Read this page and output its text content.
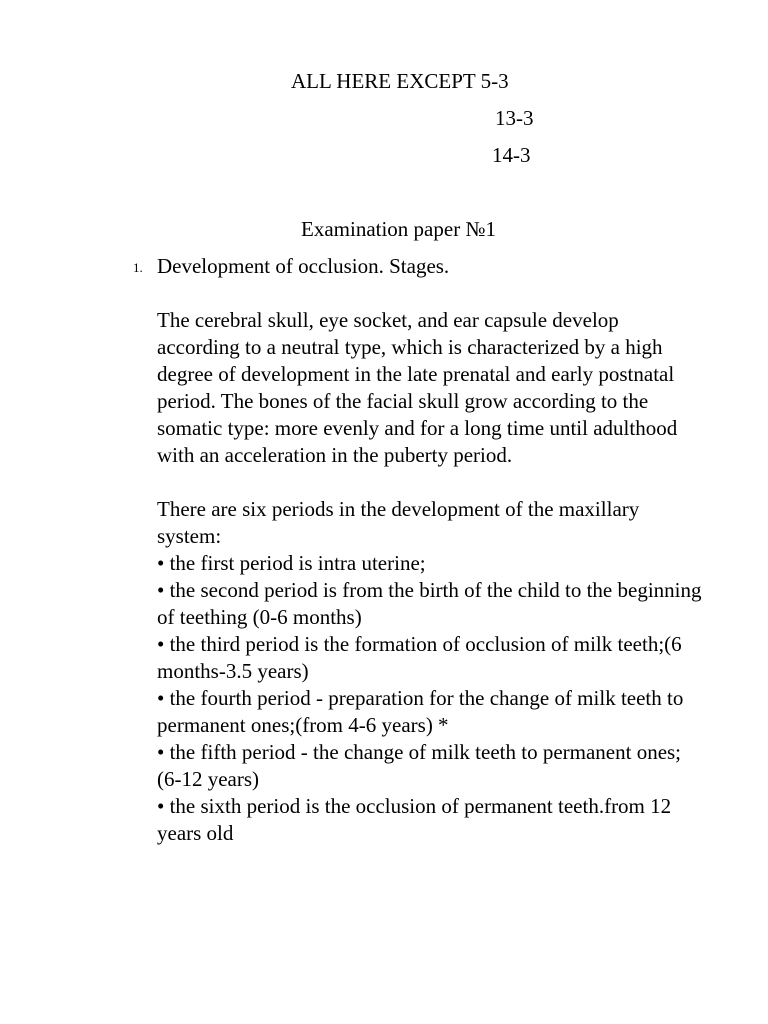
ALL HERE EXCEPT 5-3
13-3
14-3
Examination paper №1
1. Development of occlusion. Stages.

The cerebral skull, eye socket, and ear capsule develop according to a neutral type, which is characterized by a high degree of development in the late prenatal and early postnatal period. The bones of the facial skull grow according to the somatic type: more evenly and for a long time until adulthood with an acceleration in the puberty period.

There are six periods in the development of the maxillary system:

• the first period is intra uterine;

• the second period is from the birth of the child to the beginning of teething (0-6 months)

• the third period is the formation of occlusion of milk teeth;(6 months-3.5 years)

• the fourth period - preparation for the change of milk teeth to permanent ones;(from 4-6 years) *

• the fifth period - the change of milk teeth to permanent ones; (6-12 years)

• the sixth period is the occlusion of permanent teeth.from 12 years old
